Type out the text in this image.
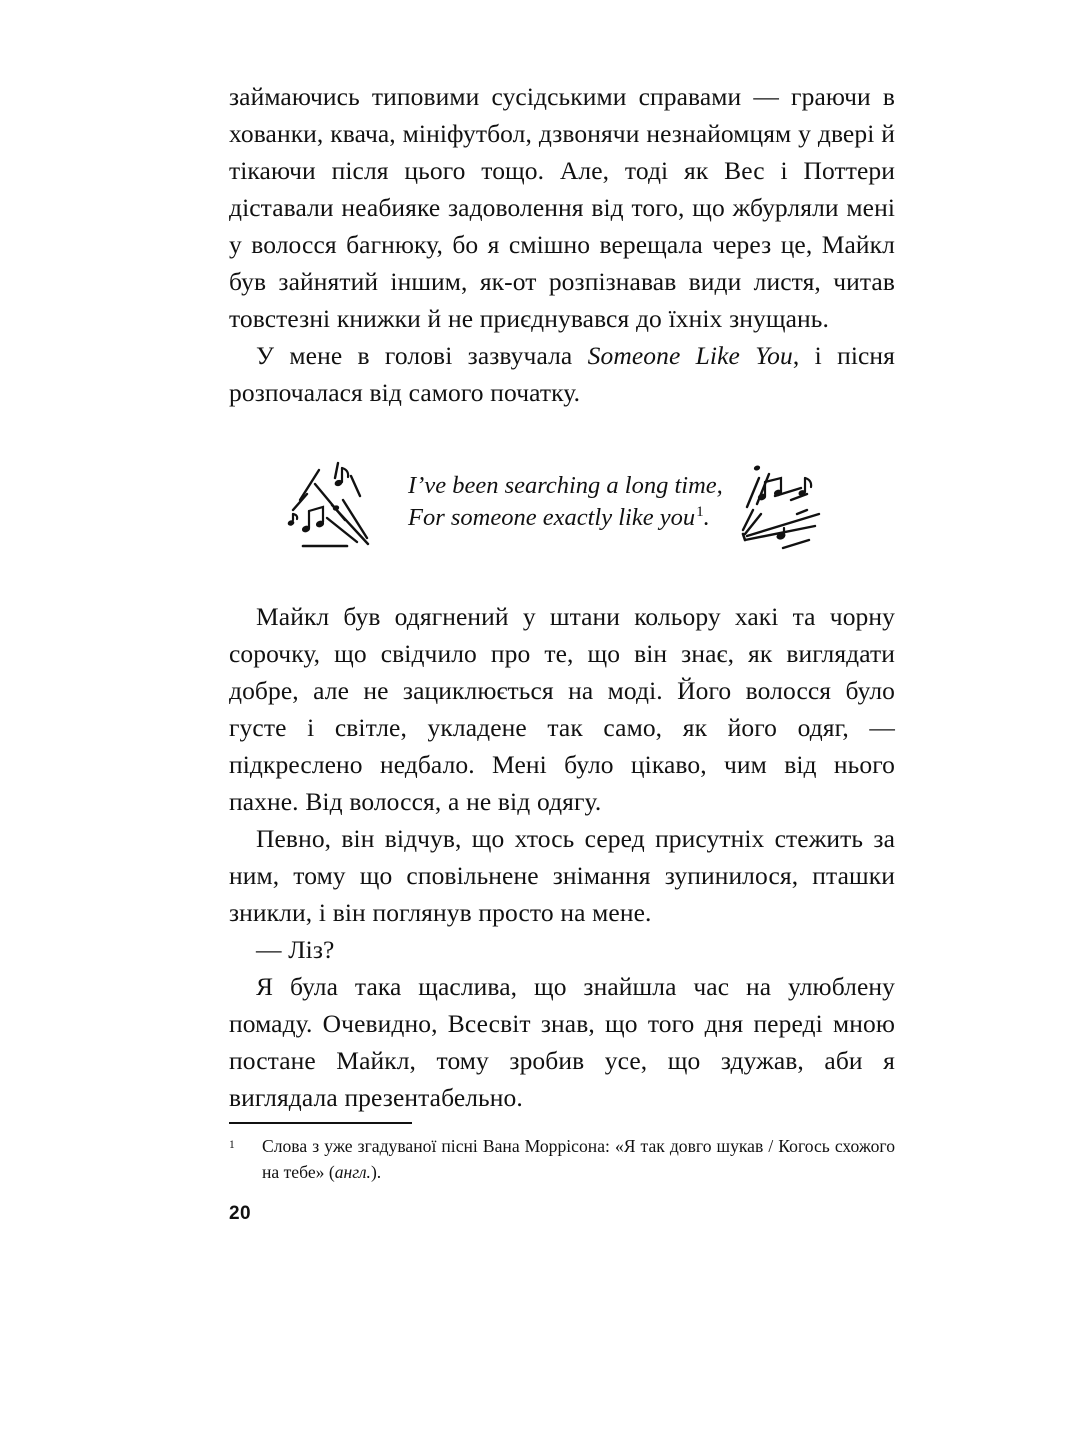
займаючись типовими сусідськими справами — граючи в хованки, квача, мініфутбол, дзвонячи незнайомцям у двері й тікаючи після цього тощо. Але, тоді як Вес і Поттери діставали неабияке задоволення від того, що жбурляли мені у волосся багнюку, бо я смішно верещала через це, Майкл був зайнятий іншим, як-от розпізнавав види листя, читав товстезні книжки й не приєднувався до їхніх знущань.

У мене в голові зазвучала Someone Like You, і пісня розпочалася від самого початку.

I’ve been searching a long time,
For someone exactly like you$^1$.

Майкл був одягнений у штани кольору хакі та чорну сорочку, що свідчило про те, що він знає, як виглядати добре, але не зациклюється на моді. Його волосся було густе і світле, укладене так само, як його одяг, — підкреслено недбало. Мені було цікаво, чим від нього пахне. Від волосся, а не від одягу.

Певно, він відчув, що хтось серед присутніх стежить за ним, тому що сповільнене знімання зупинилося, пташки зникли, і він поглянув просто на мене.

— Ліз?

Я була така щаслива, що знайшла час на улюблену помаду. Очевидно, Всесвіт знав, що того дня переді мною постане Майкл, тому зробив усе, що здужав, аби я виглядала презентабельно.

1	Слова з уже згадуваної пісні Вана Моррісона: «Я так довго шукав / Когось схожого на тебе» (англ.).
20
